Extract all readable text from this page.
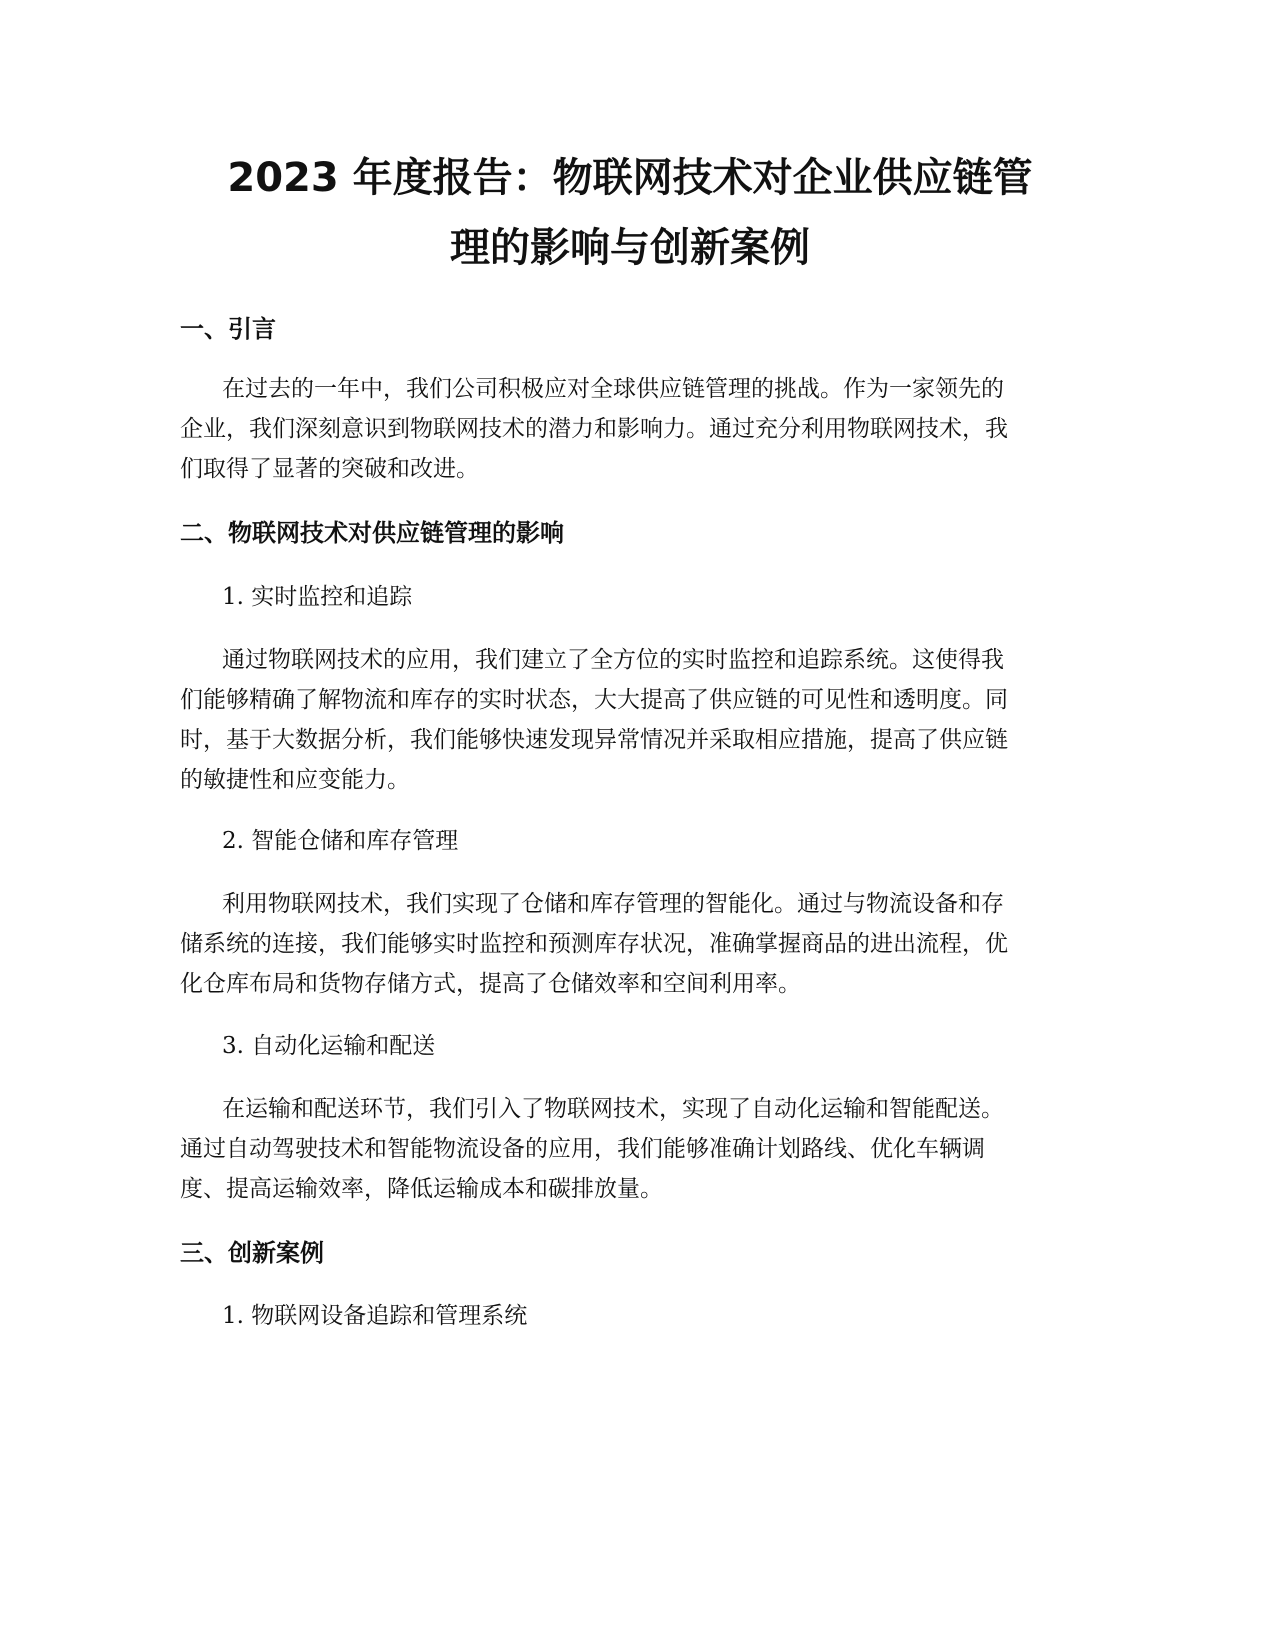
2023 年度报告：物联网技术对企业供应链管
理的影响与创新案例
一、引言

在过去的一年中，我们公司积极应对全球供应链管理的挑战。作为一家领先的
企业，我们深刻意识到物联网技术的潜力和影响力。通过充分利用物联网技术，我
们取得了显著的突破和改进。

二、物联网技术对供应链管理的影响

1. 实时监控和追踪

通过物联网技术的应用，我们建立了全方位的实时监控和追踪系统。这使得我
们能够精确了解物流和库存的实时状态，大大提高了供应链的可见性和透明度。同
时，基于大数据分析，我们能够快速发现异常情况并采取相应措施，提高了供应链
的敏捷性和应变能力。

2. 智能仓储和库存管理

利用物联网技术，我们实现了仓储和库存管理的智能化。通过与物流设备和存
储系统的连接，我们能够实时监控和预测库存状况，准确掌握商品的进出流程，优
化仓库布局和货物存储方式，提高了仓储效率和空间利用率。

3. 自动化运输和配送

在运输和配送环节，我们引入了物联网技术，实现了自动化运输和智能配送。
通过自动驾驶技术和智能物流设备的应用，我们能够准确计划路线、优化车辆调
度、提高运输效率，降低运输成本和碳排放量。

三、创新案例

1. 物联网设备追踪和管理系统
